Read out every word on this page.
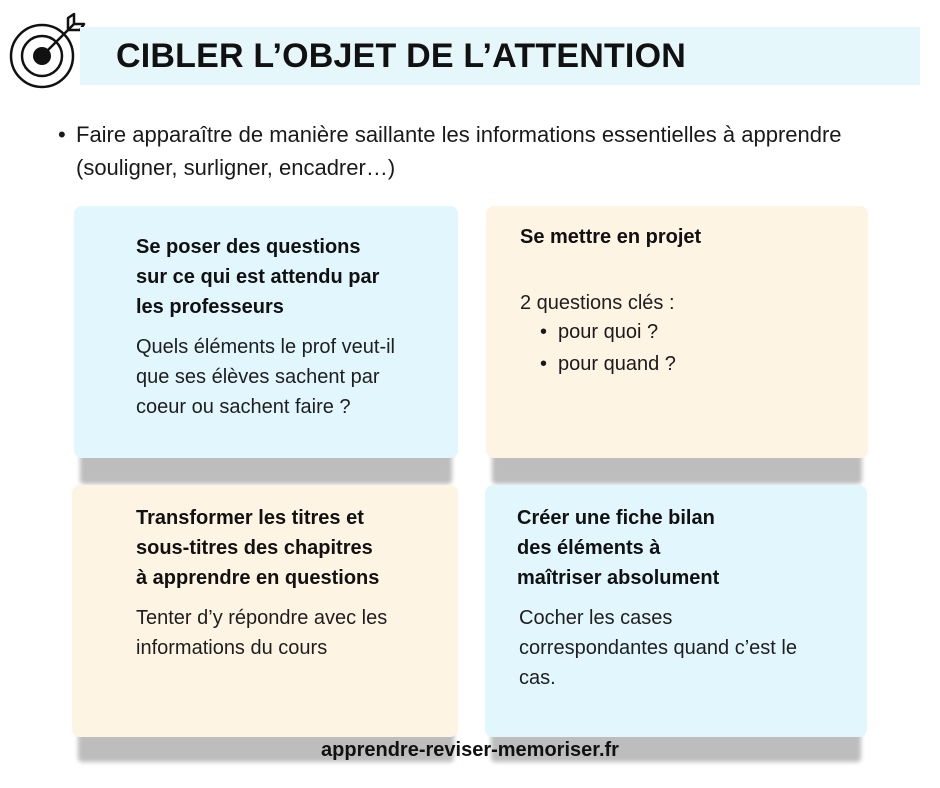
CIBLER L’OBJET DE L’ATTENTION
• Faire apparaître de manière saillante les informations essentielles à apprendre (souligner, surligner, encadrer…)
Se poser des questions
sur ce qui est attendu par
les professeurs

Quels éléments le prof veut-il
que ses élèves sachent par
coeur ou sachent faire ?

Se mettre en projet

2 questions clés :

• pour quoi ?
• pour quand ?
Transformer les titres et
sous-titres des chapitres
à apprendre en questions

Tenter d’y répondre avec les
informations du cours

Créer une fiche bilan
des éléments à
maîtriser absolument

Cocher les cases
correspondantes quand c’est le
cas.

apprendre-reviser-memoriser.fr
